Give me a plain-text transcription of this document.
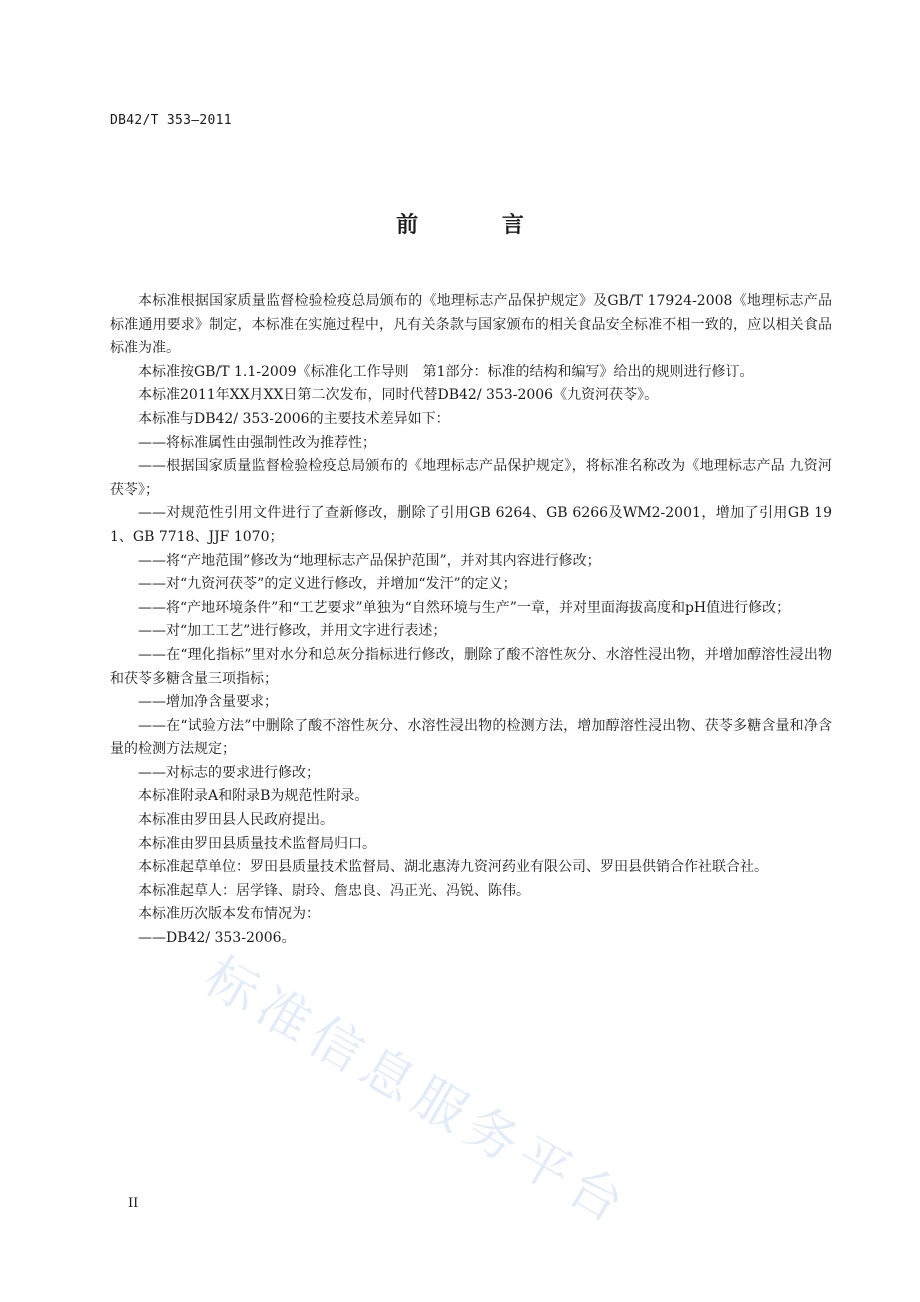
DB42/T 353—2011
前 言

本标准根据国家质量监督检验检疫总局颁布的《地理标志产品保护规定》及GB/T 17924-2008《地理标志产品标准通用要求》制定，本标准在实施过程中，凡有关条款与国家颁布的相关食品安全标准不相一致的，应以相关食品标准为准。

本标准按GB/T 1.1-2009《标准化工作导则　第1部分：标准的结构和编写》给出的规则进行修订。

本标准2011年XX月XX日第二次发布，同时代替DB42/ 353-2006《九资河茯苓》。

本标准与DB42/ 353-2006的主要技术差异如下：

——将标准属性由强制性改为推荐性；

——根据国家质量监督检验检疫总局颁布的《地理标志产品保护规定》，将标准名称改为《地理标志产品 九资河茯苓》；

——对规范性引用文件进行了查新修改，删除了引用GB 6264、GB 6266及WM2-2001，增加了引用GB 191、GB 7718、JJF 1070；

——将“产地范围”修改为“地理标志产品保护范围”，并对其内容进行修改；

——对“九资河茯苓”的定义进行修改，并增加“发汗”的定义；

——将“产地环境条件”和“工艺要求”单独为“自然环境与生产”一章，并对里面海拔高度和pH值进行修改；

——对“加工工艺”进行修改，并用文字进行表述；

——在“理化指标”里对水分和总灰分指标进行修改，删除了酸不溶性灰分、水溶性浸出物，并增加醇溶性浸出物和茯苓多糖含量三项指标；

——增加净含量要求；

——在“试验方法”中删除了酸不溶性灰分、水溶性浸出物的检测方法，增加醇溶性浸出物、茯苓多糖含量和净含量的检测方法规定；

——对标志的要求进行修改；

本标准附录A和附录B为规范性附录。

本标准由罗田县人民政府提出。

本标准由罗田县质量技术监督局归口。

本标准起草单位：罗田县质量技术监督局、湖北惠涛九资河药业有限公司、罗田县供销合作社联合社。

本标准起草人：居学锋、尉玲、詹忠良、冯正光、冯锐、陈伟。

本标准历次版本发布情况为：

——DB42/ 353-2006。

标准信息服务平台
II
